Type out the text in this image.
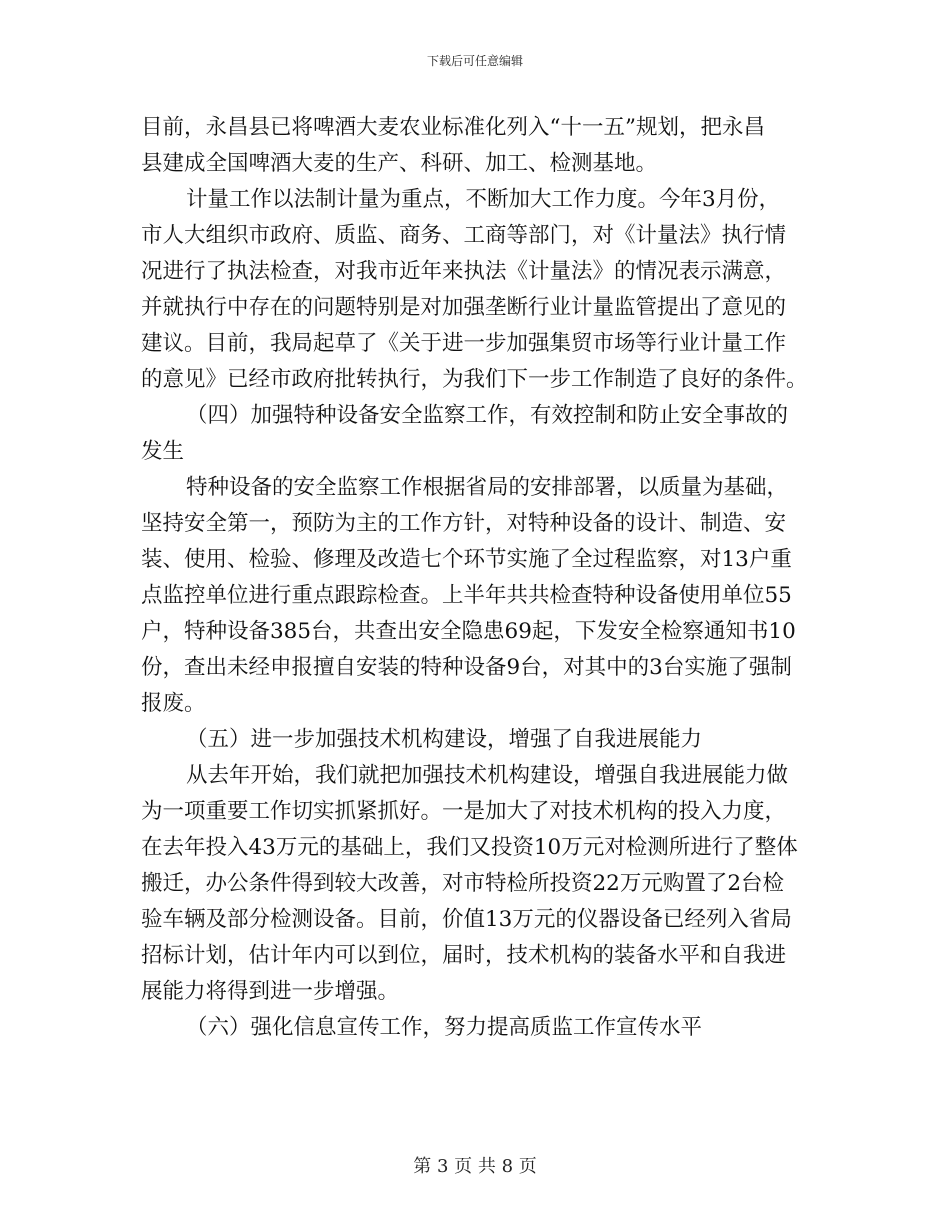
下载后可任意编辑
目前，永昌县已将啤酒大麦农业标准化列入“十一五”规划，把永昌
县建成全国啤酒大麦的生产、科研、加工、检测基地。
计量工作以法制计量为重点，不断加大工作力度。今年3月份，
市人大组织市政府、质监、商务、工商等部门，对《计量法》执行情
况进行了执法检查，对我市近年来执法《计量法》的情况表示满意，
并就执行中存在的问题特别是对加强垄断行业计量监管提出了意见的
建议。目前，我局起草了《关于进一步加强集贸市场等行业计量工作
的意见》已经市政府批转执行，为我们下一步工作制造了良好的条件。
（四）加强特种设备安全监察工作，有效控制和防止安全事故的
发生
特种设备的安全监察工作根据省局的安排部署，以质量为基础，
坚持安全第一，预防为主的工作方针，对特种设备的设计、制造、安
装、使用、检验、修理及改造七个环节实施了全过程监察，对13户重
点监控单位进行重点跟踪检查。上半年共共检查特种设备使用单位55
户，特种设备385台，共查出安全隐患69起，下发安全检察通知书10
份，查出未经申报擅自安装的特种设备9台，对其中的3台实施了强制
报废。
（五）进一步加强技术机构建设，增强了自我进展能力
从去年开始，我们就把加强技术机构建设，增强自我进展能力做
为一项重要工作切实抓紧抓好。一是加大了对技术机构的投入力度，
在去年投入43万元的基础上，我们又投资10万元对检测所进行了整体
搬迁，办公条件得到较大改善，对市特检所投资22万元购置了2台检
验车辆及部分检测设备。目前，价值13万元的仪器设备已经列入省局
招标计划，估计年内可以到位，届时，技术机构的装备水平和自我进
展能力将得到进一步增强。
（六）强化信息宣传工作，努力提高质监工作宣传水平
第 3 页 共 8 页
